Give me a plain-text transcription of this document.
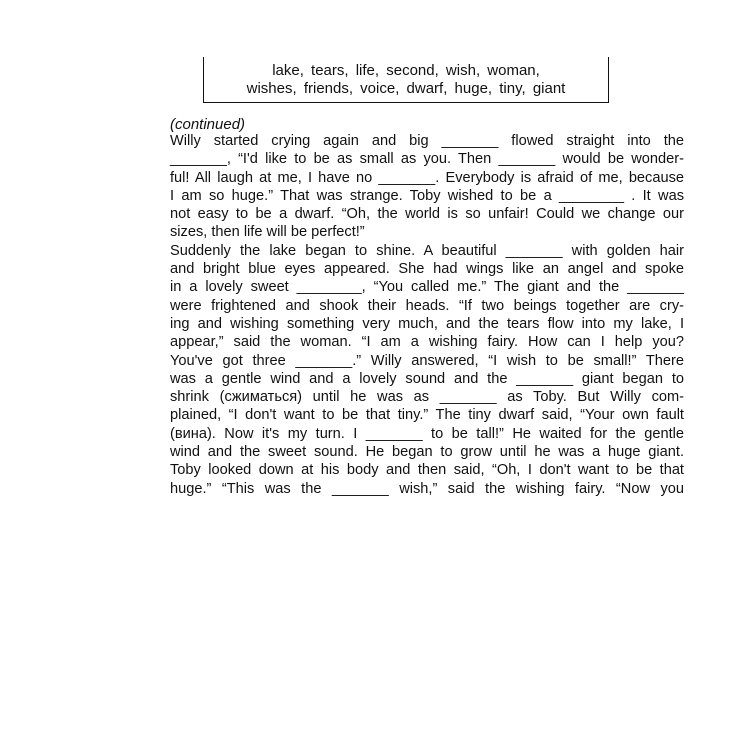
lake, tears, life, second, wish, woman,
wishes, friends, voice, dwarf, huge, tiny, giant
(continued)
Willy started crying again and big _______ flowed straight into the
_______, “I'd like to be as small as you. Then _______ would be wonder-
ful! All laugh at me, I have no _______. Everybody is afraid of me, because
I am so huge.” That was strange. Toby wished to be a ________ . It was
not easy to be a dwarf. “Oh, the world is so unfair! Could we change our
sizes, then life will be perfect!”
Suddenly the lake began to shine. A beautiful _______ with golden hair
and bright blue eyes appeared. She had wings like an angel and spoke
in a lovely sweet ________, “You called me.” The giant and the _______
were frightened and shook their heads. “If two beings together are cry-
ing and wishing something very much, and the tears flow into my lake, I
appear,” said the woman. “I am a wishing fairy. How can I help you?
You've got three _______.” Willy answered, “I wish to be small!” There
was a gentle wind and a lovely sound and the _______ giant began to
shrink (сжиматься) until he was as _______ as Toby. But Willy com-
plained, “I don't want to be that tiny.” The tiny dwarf said, “Your own fault
(вина). Now it's my turn. I _______ to be tall!” He waited for the gentle
wind and the sweet sound. He began to grow until he was a huge giant.
Toby looked down at his body and then said, “Oh, I don't want to be that
huge.” “This was the _______ wish,” said the wishing fairy. “Now you
